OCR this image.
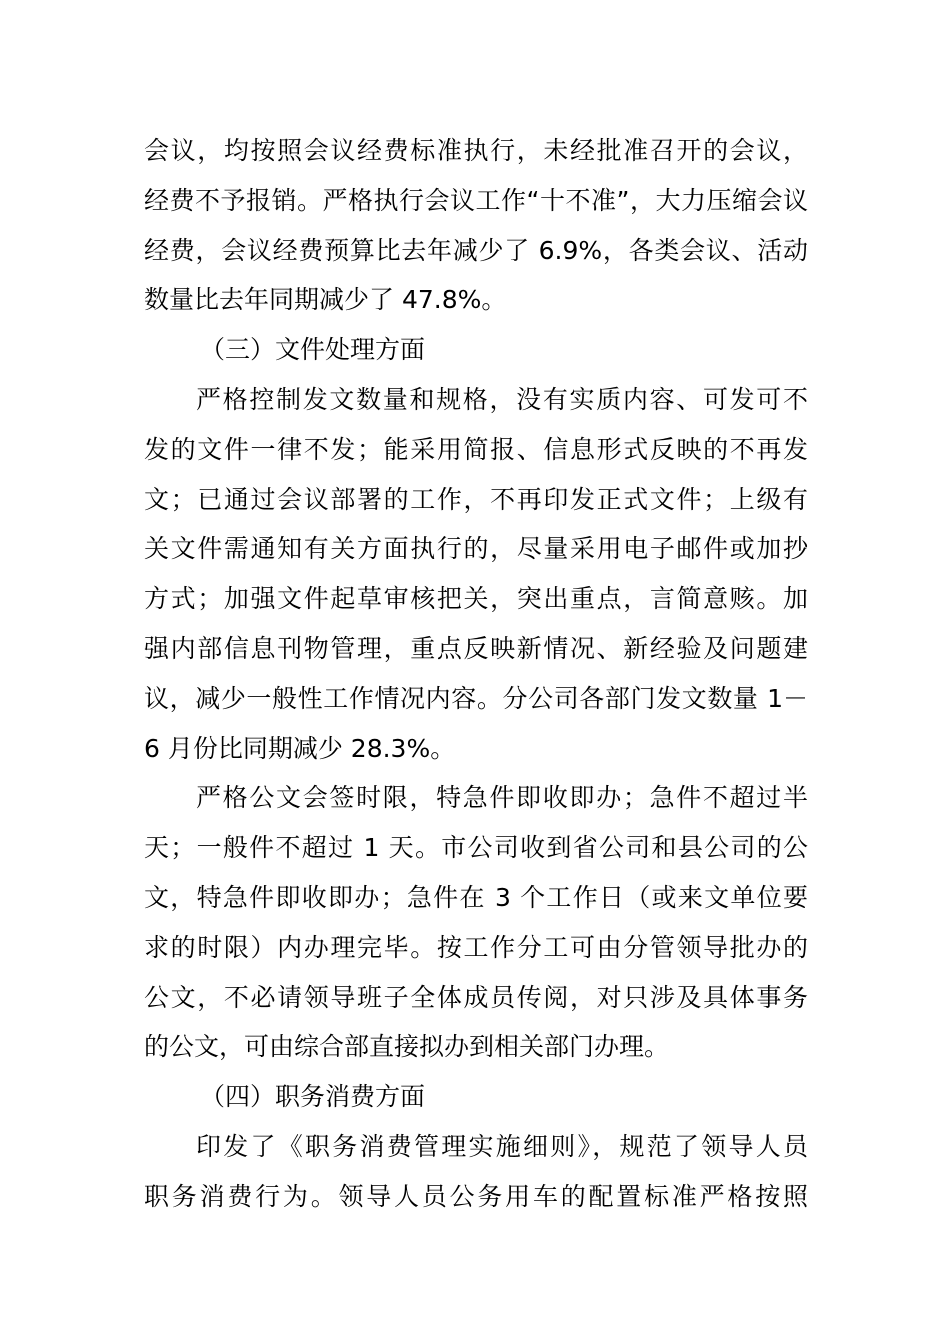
会议，均按照会议经费标准执行，未经批准召开的会议，
经费不予报销。严格执行会议工作“十不准”，大力压缩会议
经费，会议经费预算比去年减少了 6.9%，各类会议、活动
数量比去年同期减少了 47.8%。
（三）文件处理方面
严格控制发文数量和规格，没有实质内容、可发可不
发的文件一律不发；能采用简报、信息形式反映的不再发
文；已通过会议部署的工作，不再印发正式文件；上级有
关文件需通知有关方面执行的，尽量采用电子邮件或加抄
方式；加强文件起草审核把关，突出重点，言简意赅。加
强内部信息刊物管理，重点反映新情况、新经验及问题建
议，减少一般性工作情况内容。分公司各部门发文数量 1－
6 月份比同期减少 28.3%。
严格公文会签时限，特急件即收即办；急件不超过半
天；一般件不超过 1 天。市公司收到省公司和县公司的公
文，特急件即收即办；急件在 3 个工作日（或来文单位要
求的时限）内办理完毕。按工作分工可由分管领导批办的
公文，不必请领导班子全体成员传阅，对只涉及具体事务
的公文，可由综合部直接拟办到相关部门办理。
（四）职务消费方面
印发了《职务消费管理实施细则》，规范了领导人员
职务消费行为。领导人员公务用车的配置标准严格按照
